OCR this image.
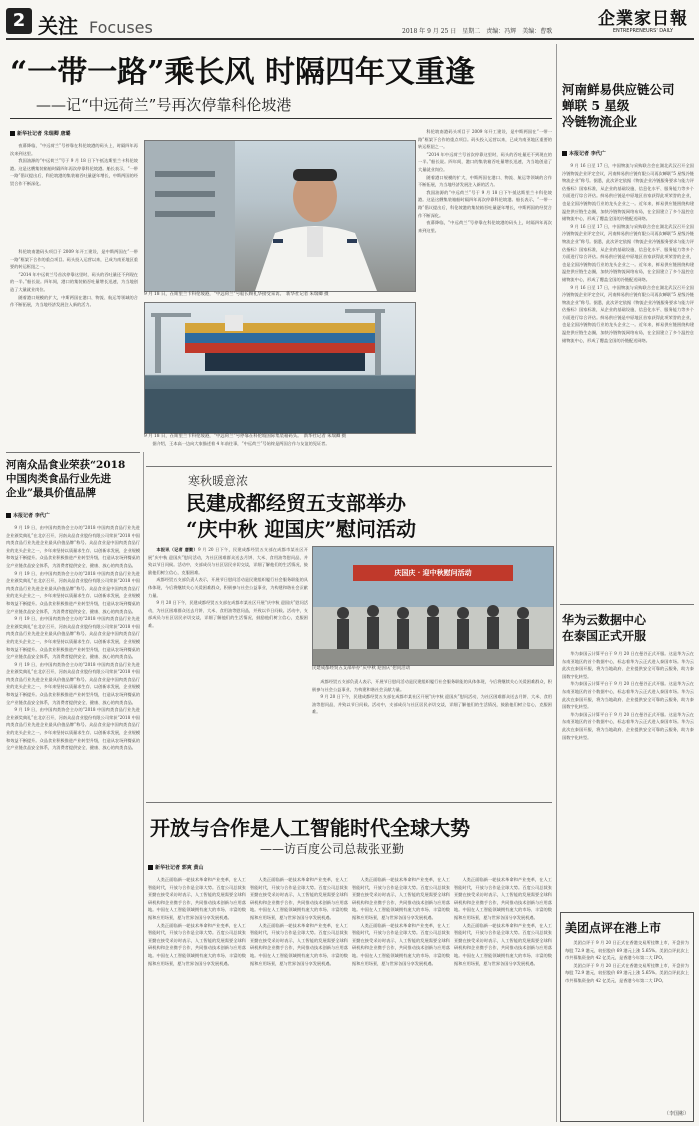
2 关注 Focuses	2018 年 9 月 25 日　星期二　责编：冯辉　美编：曹歌
企業家日報
ENTREPRENEURS' DAILY
“一带一路”乘长风 时隔四年又重逢
——记“中远荷兰”号再次停靠科伦坡港
新华社记者 朱瑞卿 唐璐

夜幕降临，“中远荷兰”号停靠在科伦坡港的码头上，时隔四年再次来到这里。

我国油源的“中远荷兰”号于 9 月 18 日下午抵达斯里兰卡科伦坡港。这是这艘集装箱船时隔四年再次停靠科伦坡港。船长表示，“一带一路”倡议提出后，科伦坡港的集装箱吞吐量逐年增长，中斯两国的经贸合作不断深化。

科伦坡南港码头项目于 2009 年开工建设，是中斯两国在“一带一路”框架下合作的重点项目。码头投入运营以来，已成为南亚地区重要的转运枢纽之一。

“2014 年中远荷兰号首次停靠这里时，码头的吞吐量还不到现在的一半。”船长说。四年间，港口的集装箱吞吐量增长迅速，为当地创造了大量就业岗位。

随着港口规模的扩大，中斯两国在港口、物流、航运等领域的合作不断拓展，为当地经济发展注入新的活力。

9 月 18 日，在斯里兰卡科伦坡港，“中远荷兰”号船长顾礼华接受采访。　新华社记者 朱瑞卿 摄
9 月 18 日，在斯里兰卡科伦坡港，“中远荷兰”号停靠在科伦坡国际集装箱码头。　新华社记者 朱瑞卿 摄

科伦坡南港码头项目于 2009 年开工建设，是中斯两国在“一带一路”框架下合作的重点项目。码头投入运营以来，已成为南亚地区重要的转运枢纽之一。

“2014 年中远荷兰号首次停靠这里时，码头的吞吐量还不到现在的一半。”船长说。四年间，港口的集装箱吞吐量增长迅速，为当地创造了大量就业岗位。

随着港口规模的扩大，中斯两国在港口、物流、航运等领域的合作不断拓展，为当地经济发展注入新的活力。

我国油源的“中远荷兰”号于 9 月 18 日下午抵达斯里兰卡科伦坡港。这是这艘集装箱船时隔四年再次停靠科伦坡港。船长表示，“一带一路”倡议提出后，科伦坡港的集装箱吞吐量逐年增长，中斯两国的经贸合作不断深化。

夜幕降临，“中远荷兰”号停靠在科伦坡港的码头上，时隔四年再次来到这里。

据介绍，王本高一边向大家描述着 4 年前往事，“中远荷兰”号始终是两国合作与友谊的见证者。

河南鲜易供应链公司
蝉联 5 星级
冷链物流企业
本报记者 李代广

9 月 16 日至 17 日，中国物流与采购联合会在湖北武汉召开全国冷链物流企业评定会议，河南鲜易供应链有限公司再次蝉联“5 星级冷链物流企业”称号。据悉，此次评定依据《物流企业冷链服务要求与能力评估指标》国家标准，从企业的基础设施、信息化水平、服务能力等多个方面进行综合评估。鲜易供应链是中原地区首家获得此项荣誉的企业，也是全国冷链物流行业的龙头企业之一。近年来，鲜易供应链围绕构建温控供应链生态圈，加快冷链物流网络布局，在全国建立了多个温控仓储物流中心，形成了覆盖全国的冷链配送网络。

9 月 16 日至 17 日，中国物流与采购联合会在湖北武汉召开全国冷链物流企业评定会议，河南鲜易供应链有限公司再次蝉联“5 星级冷链物流企业”称号。据悉，此次评定依据《物流企业冷链服务要求与能力评估指标》国家标准，从企业的基础设施、信息化水平、服务能力等多个方面进行综合评估。鲜易供应链是中原地区首家获得此项荣誉的企业，也是全国冷链物流行业的龙头企业之一。近年来，鲜易供应链围绕构建温控供应链生态圈，加快冷链物流网络布局，在全国建立了多个温控仓储物流中心，形成了覆盖全国的冷链配送网络。

9 月 16 日至 17 日，中国物流与采购联合会在湖北武汉召开全国冷链物流企业评定会议，河南鲜易供应链有限公司再次蝉联“5 星级冷链物流企业”称号。据悉，此次评定依据《物流企业冷链服务要求与能力评估指标》国家标准，从企业的基础设施、信息化水平、服务能力等多个方面进行综合评估。鲜易供应链是中原地区首家获得此项荣誉的企业，也是全国冷链物流行业的龙头企业之一。近年来，鲜易供应链围绕构建温控供应链生态圈，加快冷链物流网络布局，在全国建立了多个温控仓储物流中心，形成了覆盖全国的冷链配送网络。

华为云数据中心
在泰国正式开服

华为泰国云计算平台于 9 月 20 日在曼谷正式开服。这是华为云在东南亚地区的首个数据中心，标志着华为云正式进入泰国市场。华为云此次在泰国开服，将为当地政府、企业提供安全可靠的云服务，助力泰国数字化转型。

华为泰国云计算平台于 9 月 20 日在曼谷正式开服。这是华为云在东南亚地区的首个数据中心，标志着华为云正式进入泰国市场。华为云此次在泰国开服，将为当地政府、企业提供安全可靠的云服务，助力泰国数字化转型。

华为泰国云计算平台于 9 月 20 日在曼谷正式开服。这是华为云在东南亚地区的首个数据中心，标志着华为云正式进入泰国市场。华为云此次在泰国开服，将为当地政府、企业提供安全可靠的云服务，助力泰国数字化转型。

美团点评在港上市

美团点评于 9 月 20 日正式在香港交易所挂牌上市，开盘价为每股 72.9 港元，较招股价 69 港元上涨 5.65%。美团点评此次上市共募集资金约 42 亿美元，是香港今年第二大 IPO。

美团点评于 9 月 20 日正式在香港交易所挂牌上市，开盘价为每股 72.9 港元，较招股价 69 港元上涨 5.65%。美团点评此次上市共募集资金约 42 亿美元，是香港今年第二大 IPO。

（李国彬）
河南众品食业荣获“2018
中国肉类食品行业先进
企业”最具价值品牌
本报记者 李代广

9 月 19 日，由中国肉类协会主办的“2018 中国肉类食品行业先进企业颁奖典礼”在北京召开，河南众品食业股份有限公司荣获“2018 中国肉类食品行业先进企业最具价值品牌”称号。众品食业是中国肉类食品行业的龙头企业之一，多年来坚持以质量求生存、以创新求发展，企业规模和效益不断提升。众品食业积极推进产业转型升级，打造从农场到餐桌的全产业链食品安全体系，为消费者提供安全、健康、放心的肉类食品。

9 月 19 日，由中国肉类协会主办的“2018 中国肉类食品行业先进企业颁奖典礼”在北京召开，河南众品食业股份有限公司荣获“2018 中国肉类食品行业先进企业最具价值品牌”称号。众品食业是中国肉类食品行业的龙头企业之一，多年来坚持以质量求生存、以创新求发展，企业规模和效益不断提升。众品食业积极推进产业转型升级，打造从农场到餐桌的全产业链食品安全体系，为消费者提供安全、健康、放心的肉类食品。

9 月 19 日，由中国肉类协会主办的“2018 中国肉类食品行业先进企业颁奖典礼”在北京召开，河南众品食业股份有限公司荣获“2018 中国肉类食品行业先进企业最具价值品牌”称号。众品食业是中国肉类食品行业的龙头企业之一，多年来坚持以质量求生存、以创新求发展，企业规模和效益不断提升。众品食业积极推进产业转型升级，打造从农场到餐桌的全产业链食品安全体系，为消费者提供安全、健康、放心的肉类食品。

9 月 19 日，由中国肉类协会主办的“2018 中国肉类食品行业先进企业颁奖典礼”在北京召开，河南众品食业股份有限公司荣获“2018 中国肉类食品行业先进企业最具价值品牌”称号。众品食业是中国肉类食品行业的龙头企业之一，多年来坚持以质量求生存、以创新求发展，企业规模和效益不断提升。众品食业积极推进产业转型升级，打造从农场到餐桌的全产业链食品安全体系，为消费者提供安全、健康、放心的肉类食品。

9 月 19 日，由中国肉类协会主办的“2018 中国肉类食品行业先进企业颁奖典礼”在北京召开，河南众品食业股份有限公司荣获“2018 中国肉类食品行业先进企业最具价值品牌”称号。众品食业是中国肉类食品行业的龙头企业之一，多年来坚持以质量求生存、以创新求发展，企业规模和效益不断提升。众品食业积极推进产业转型升级，打造从农场到餐桌的全产业链食品安全体系，为消费者提供安全、健康、放心的肉类食品。

寒秋暖意浓
民建成都经贸五支部举办
“庆中秋 迎国庆”慰问活动

本报讯（记者 唐勤）9 月 20 日下午，民建成都经贸五支部在成都市某社区开展“庆中秋 迎国庆”慰问活动，为社区困难群众送去月饼、大米、食用油等慰问品，并致以节日问候。活动中，支部成员与社区居民亲切交谈，详细了解他们的生活情况，鼓励他们树立信心，克服困难。

成都经贸五支部负责人表示，开展节日慰问活动是民建组织履行社会服务职能的具体体现，今后将继续关心关爱困难群众，积极参与社会公益事业，为构建和谐社会贡献力量。

9 月 20 日下午，民建成都经贸五支部在成都市某社区开展“庆中秋 迎国庆”慰问活动，为社区困难群众送去月饼、大米、食用油等慰问品，并致以节日问候。活动中，支部成员与社区居民亲切交谈，详细了解他们的生活情况，鼓励他们树立信心，克服困难。

庆国庆 · 迎中秋慰问活动
民建成都经贸五支部举办“庆中秋 迎国庆”慰问活动

成都经贸五支部负责人表示，开展节日慰问活动是民建组织履行社会服务职能的具体体现，今后将继续关心关爱困难群众，积极参与社会公益事业，为构建和谐社会贡献力量。

9 月 20 日下午，民建成都经贸五支部在成都市某社区开展“庆中秋 迎国庆”慰问活动，为社区困难群众送去月饼、大米、食用油等慰问品，并致以节日问候。活动中，支部成员与社区居民亲切交谈，详细了解他们的生活情况，鼓励他们树立信心，克服困难。

开放与合作是人工智能时代全球大势
——访百度公司总裁张亚勤
新华社记者 郭爽 黄山

人类正面临新一轮技术革命和产业变革，在人工智能时代，开放与合作是全球大势。百度公司总裁张亚勤在接受采访时表示，人工智能的发展需要全球科研机构和企业携手合作，共同推动技术创新与应用落地。中国在人工智能领域拥有庞大的市场、丰富的数据和应用场景，愿与世界各国分享发展机遇。

人类正面临新一轮技术革命和产业变革，在人工智能时代，开放与合作是全球大势。百度公司总裁张亚勤在接受采访时表示，人工智能的发展需要全球科研机构和企业携手合作，共同推动技术创新与应用落地。中国在人工智能领域拥有庞大的市场、丰富的数据和应用场景，愿与世界各国分享发展机遇。

人类正面临新一轮技术革命和产业变革，在人工智能时代，开放与合作是全球大势。百度公司总裁张亚勤在接受采访时表示，人工智能的发展需要全球科研机构和企业携手合作，共同推动技术创新与应用落地。中国在人工智能领域拥有庞大的市场、丰富的数据和应用场景，愿与世界各国分享发展机遇。

人类正面临新一轮技术革命和产业变革，在人工智能时代，开放与合作是全球大势。百度公司总裁张亚勤在接受采访时表示，人工智能的发展需要全球科研机构和企业携手合作，共同推动技术创新与应用落地。中国在人工智能领域拥有庞大的市场、丰富的数据和应用场景，愿与世界各国分享发展机遇。

人类正面临新一轮技术革命和产业变革，在人工智能时代，开放与合作是全球大势。百度公司总裁张亚勤在接受采访时表示，人工智能的发展需要全球科研机构和企业携手合作，共同推动技术创新与应用落地。中国在人工智能领域拥有庞大的市场、丰富的数据和应用场景，愿与世界各国分享发展机遇。

人类正面临新一轮技术革命和产业变革，在人工智能时代，开放与合作是全球大势。百度公司总裁张亚勤在接受采访时表示，人工智能的发展需要全球科研机构和企业携手合作，共同推动技术创新与应用落地。中国在人工智能领域拥有庞大的市场、丰富的数据和应用场景，愿与世界各国分享发展机遇。

人类正面临新一轮技术革命和产业变革，在人工智能时代，开放与合作是全球大势。百度公司总裁张亚勤在接受采访时表示，人工智能的发展需要全球科研机构和企业携手合作，共同推动技术创新与应用落地。中国在人工智能领域拥有庞大的市场、丰富的数据和应用场景，愿与世界各国分享发展机遇。

人类正面临新一轮技术革命和产业变革，在人工智能时代，开放与合作是全球大势。百度公司总裁张亚勤在接受采访时表示，人工智能的发展需要全球科研机构和企业携手合作，共同推动技术创新与应用落地。中国在人工智能领域拥有庞大的市场、丰富的数据和应用场景，愿与世界各国分享发展机遇。
